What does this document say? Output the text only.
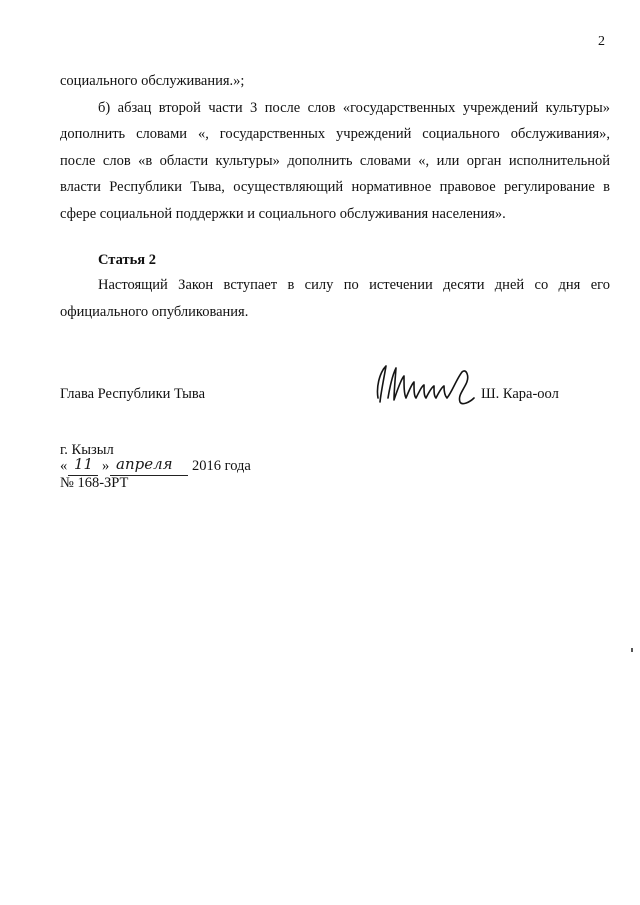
2
социального обслуживания.»;
б) абзац второй части 3 после слов «государственных учреждений культуры»
дополнить словами «, государственных учреждений социального обслуживания»,
после слов «в области культуры» дополнить словами «, или орган исполнительной
власти Республики Тыва, осуществляющий нормативное правовое регулирование в
сфере социальной поддержки и социального обслуживания населения».
Статья 2
Настоящий Закон вступает в силу по истечении десяти дней со дня его
официального опубликования.
Глава Республики Тыва	Ш. Кара-оол
г. Кызыл
« 11 » апреля 2016 года
№ 168-ЗРТ
